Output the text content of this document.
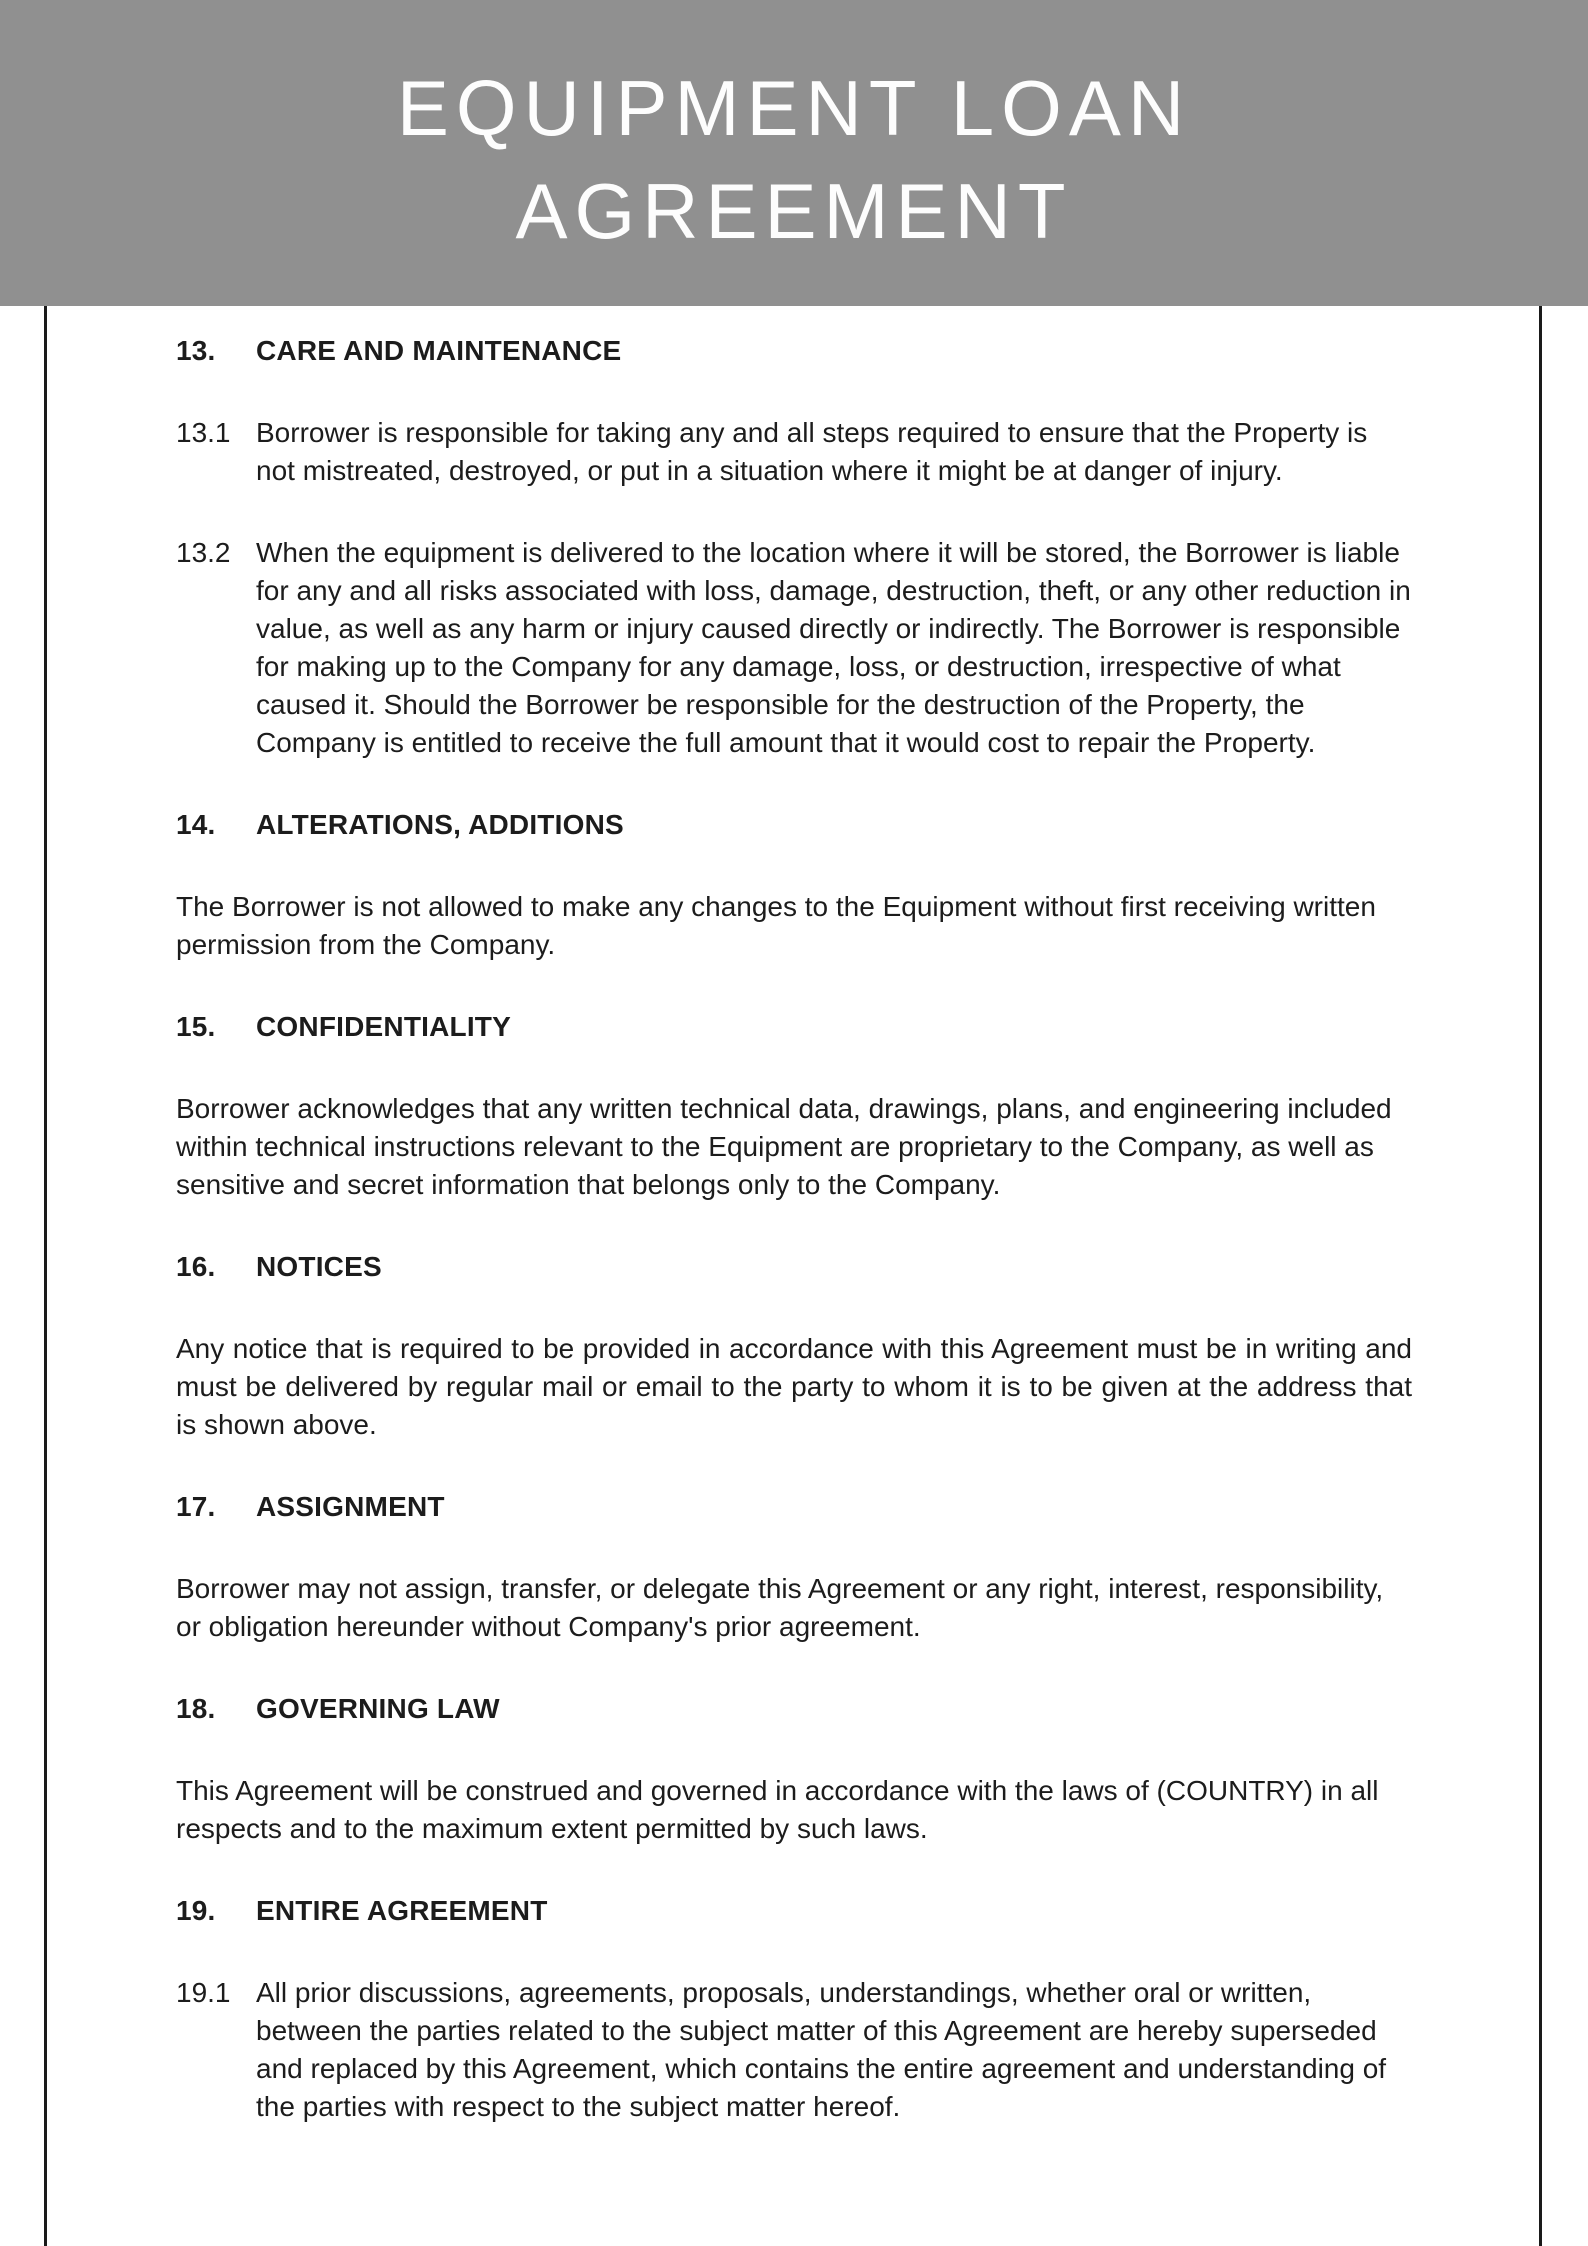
EQUIPMENT LOAN
AGREEMENT
13.	CARE AND MAINTENANCE
13.1 Borrower is responsible for taking any and all steps required to ensure that the Property is not mistreated, destroyed, or put in a situation where it might be at danger of injury.
13.2 When the equipment is delivered to the location where it will be stored, the Borrower is liable for any and all risks associated with loss, damage, destruction, theft, or any other reduction in value, as well as any harm or injury caused directly or indirectly. The Borrower is responsible for making up to the Company for any damage, loss, or destruction, irrespective of what caused it. Should the Borrower be responsible for the destruction of the Property, the Company is entitled to receive the full amount that it would cost to repair the Property.
14.	ALTERATIONS, ADDITIONS
The Borrower is not allowed to make any changes to the Equipment without first receiving written permission from the Company.
15.	CONFIDENTIALITY
Borrower acknowledges that any written technical data, drawings, plans, and engineering included within technical instructions relevant to the Equipment are proprietary to the Company, as well as sensitive and secret information that belongs only to the Company.
16.	NOTICES
Any notice that is required to be provided in accordance with this Agreement must be in writing and must be delivered by regular mail or email to the party to whom it is to be given at the address that is shown above.
17.	ASSIGNMENT
Borrower may not assign, transfer, or delegate this Agreement or any right, interest, responsibility, or obligation hereunder without Company's prior agreement.
18.	GOVERNING LAW
This Agreement will be construed and governed in accordance with the laws of (COUNTRY) in all respects and to the maximum extent permitted by such laws.
19.	ENTIRE AGREEMENT
19.1 All prior discussions, agreements, proposals, understandings, whether oral or written, between the parties related to the subject matter of this Agreement are hereby superseded and replaced by this Agreement, which contains the entire agreement and understanding of the parties with respect to the subject matter hereof.
